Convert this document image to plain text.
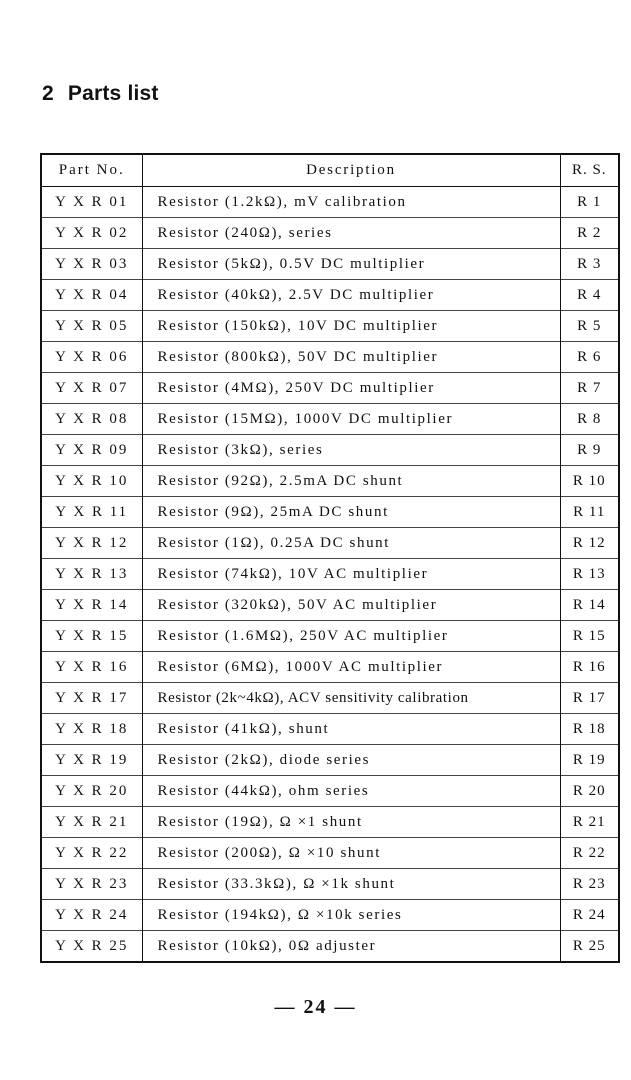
2 Parts list
Part No.	Description	R. S.
Y X R 01	Resistor (1.2kΩ), mV calibration	R 1
Y X R 02	Resistor (240Ω), series	R 2
Y X R 03	Resistor (5kΩ), 0.5V DC multiplier	R 3
Y X R 04	Resistor (40kΩ), 2.5V DC multiplier	R 4
Y X R 05	Resistor (150kΩ), 10V DC multiplier	R 5
Y X R 06	Resistor (800kΩ), 50V DC multiplier	R 6
Y X R 07	Resistor (4MΩ), 250V DC multiplier	R 7
Y X R 08	Resistor (15MΩ), 1000V DC multiplier	R 8
Y X R 09	Resistor (3kΩ), series	R 9
Y X R 10	Resistor (92Ω), 2.5mA DC shunt	R 10
Y X R 11	Resistor (9Ω), 25mA DC shunt	R 11
Y X R 12	Resistor (1Ω), 0.25A DC shunt	R 12
Y X R 13	Resistor (74kΩ), 10V AC multiplier	R 13
Y X R 14	Resistor (320kΩ), 50V AC multiplier	R 14
Y X R 15	Resistor (1.6MΩ), 250V AC multiplier	R 15
Y X R 16	Resistor (6MΩ), 1000V AC multiplier	R 16
Y X R 17	Resistor (2k~4kΩ), ACV sensitivity calibration	R 17
Y X R 18	Resistor (41kΩ), shunt	R 18
Y X R 19	Resistor (2kΩ), diode series	R 19
Y X R 20	Resistor (44kΩ), ohm series	R 20
Y X R 21	Resistor (19Ω), Ω ×1 shunt	R 21
Y X R 22	Resistor (200Ω), Ω ×10 shunt	R 22
Y X R 23	Resistor (33.3kΩ), Ω ×1k shunt	R 23
Y X R 24	Resistor (194kΩ), Ω ×10k series	R 24
Y X R 25	Resistor (10kΩ), 0Ω adjuster	R 25
— 24 —
